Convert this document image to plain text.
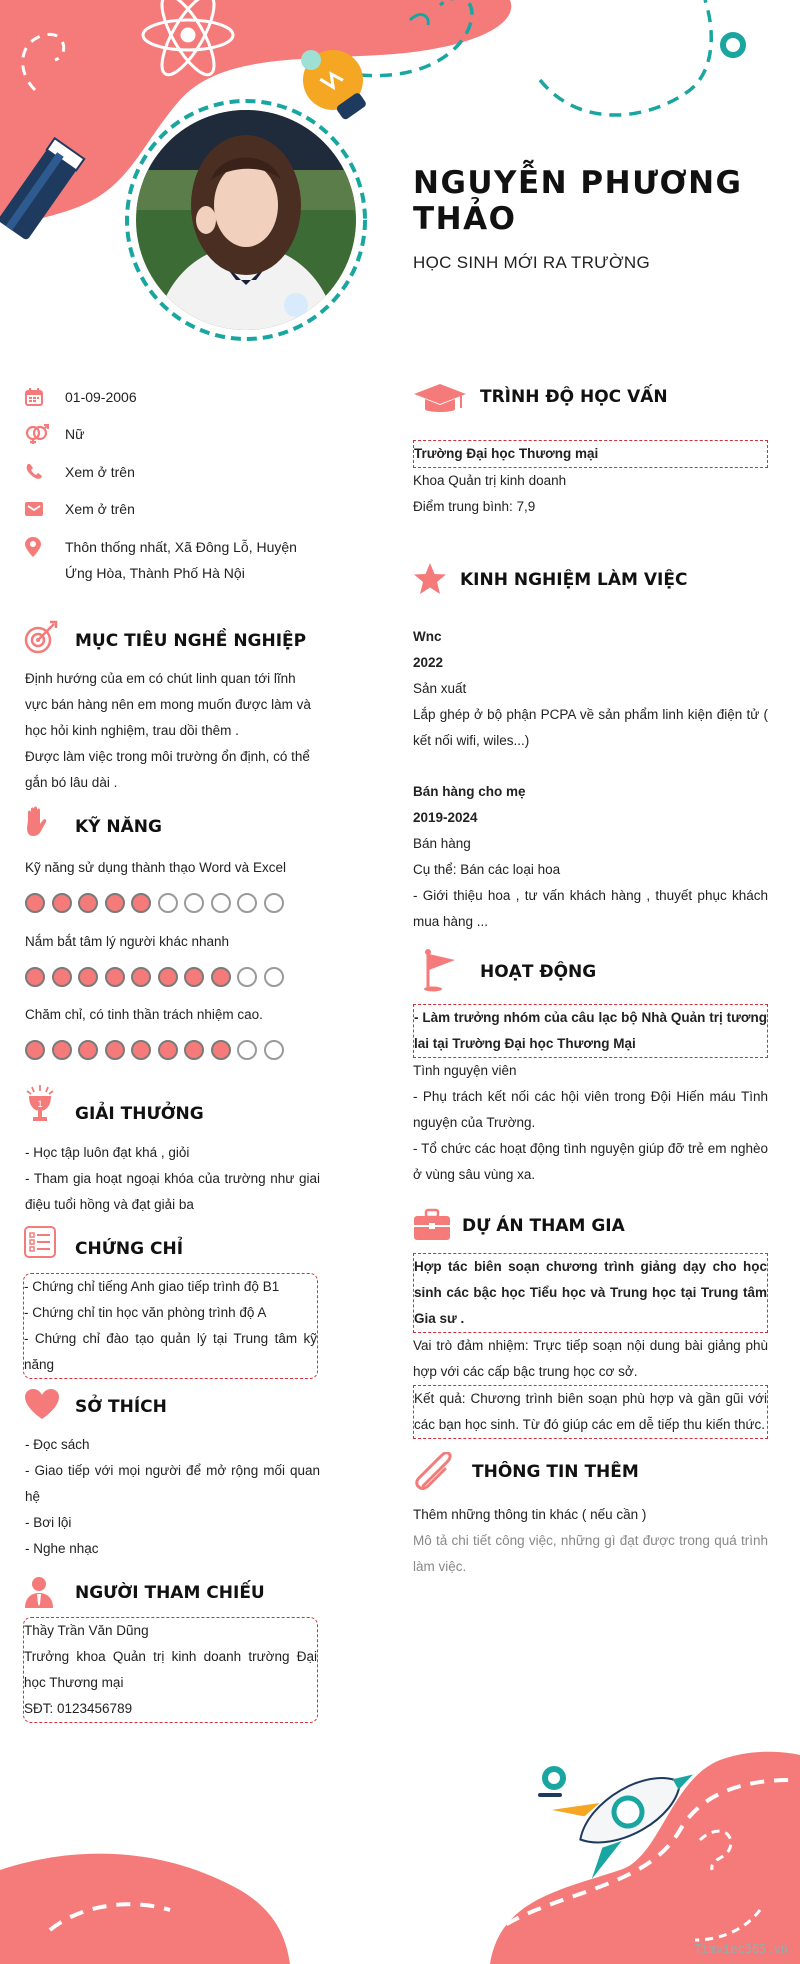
NGUYỄN PHƯƠNG THẢO
HỌC SINH MỚI RA TRƯỜNG
01-09-2006
Nữ
Xem ở trên
Xem ở trên
Thôn thống nhất, Xã Đông Lỗ, Huyện Ứng Hòa, Thành Phố Hà Nội
MỤC TIÊU NGHỀ NGHIỆP

Định hướng của em có chút linh quan tới lĩnh vực bán hàng nên em mong muốn được làm và học hỏi kinh nghiệm, trau dồi thêm .

Được làm việc trong môi trường ổn định, có thể gắn bó lâu dài .

KỸ NĂNG

Kỹ năng sử dụng thành thạo Word và Excel

Nắm bắt tâm lý người khác nhanh

Chăm chỉ, có tinh thần trách nhiệm cao.

1 GIẢI THƯỞNG

- Học tập luôn đạt khá , giỏi

- Tham gia hoạt ngoại khóa của trường như giai điệu tuổi hồng và đạt giải ba

CHỨNG CHỈ

- Chứng chỉ tiếng Anh giao tiếp trình độ B1

- Chứng chỉ tin học văn phòng trình độ A

- Chứng chỉ đào tạo quản lý tại Trung tâm kỹ năng

SỞ THÍCH

- Đọc sách

- Giao tiếp với mọi người để mở rộng mối quan hệ

- Bơi lội

- Nghe nhạc

NGƯỜI THAM CHIẾU

Thầy Trần Văn Dũng

Trưởng khoa Quản trị kinh doanh trường Đại học Thương mại

SĐT: 0123456789

TRÌNH ĐỘ HỌC VẤN

Trường Đại học Thương mại

Khoa Quản trị kinh doanh

Điểm trung bình: 7,9

KINH NGHIỆM LÀM VIỆC

Wnc

2022

Sản xuất

Lắp ghép ở bộ phận PCPA về sản phẩm linh kiện điện tử ( kết nối wifi, wiles...)

Bán hàng cho mẹ

2019-2024

Bán hàng

Cụ thể: Bán các loại hoa

- Giới thiệu hoa , tư vấn khách hàng , thuyết phục khách mua hàng ...

HOẠT ĐỘNG

- Làm trưởng nhóm của câu lạc bộ Nhà Quản trị tương lai tại Trường Đại học Thương Mại

Tình nguyện viên

- Phụ trách kết nối các hội viên trong Đội Hiến máu Tình nguyện của Trường.

- Tổ chức các hoạt động tình nguyện giúp đỡ trẻ em nghèo ở vùng sâu vùng xa.

DỰ ÁN THAM GIA

Hợp tác biên soạn chương trình giảng dạy cho học sinh các bậc học Tiểu học và Trung học tại Trung tâm Gia sư .

Vai trò đảm nhiệm: Trực tiếp soạn nội dung bài giảng phù hợp với các cấp bậc trung học cơ sở.

Kết quả: Chương trình biên soạn phù hợp và gần gũi với các bạn học sinh. Từ đó giúp các em dễ tiếp thu kiến thức.

THÔNG TIN THÊM

Thêm những thông tin khác ( nếu cần )

Mô tả chi tiết công việc, những gì đạt được trong quá trình làm việc.

Timviec365.vn
